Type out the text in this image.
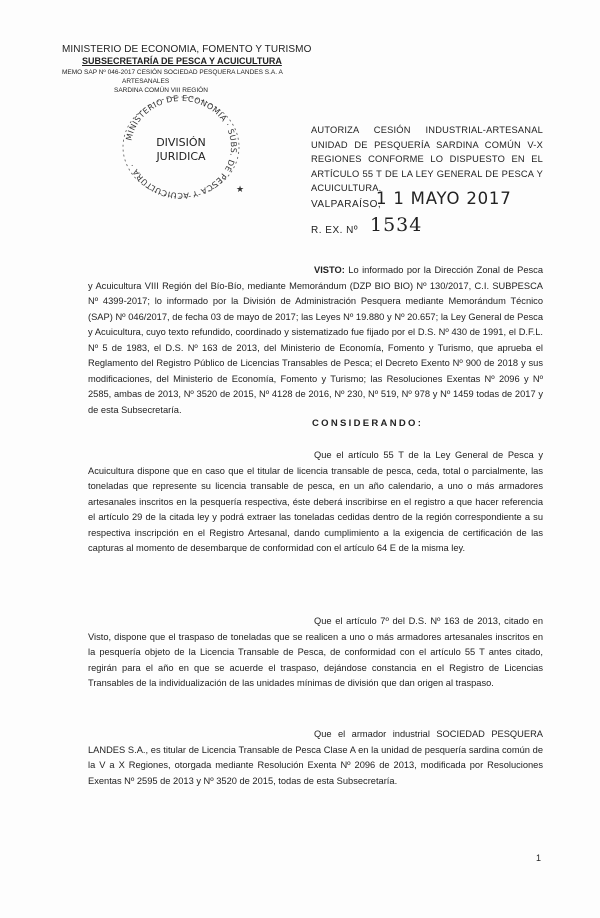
MINISTERIO DE ECONOMIA, FOMENTO Y TURISMO
SUBSECRETARÍA DE PESCA Y ACUICULTURA
MEMO SAP Nº 046-2017 CESIÓN SOCIEDAD PESQUERA LANDES S.A. A
ARTESANALES
SARDINA COMÚN VIII REGIÓN
MINISTERIO DE ECONOMIA · SUBS. DE PESCA Y ACUICULTURA ·
DIVISIÓN
JURIDICA
★
AUTORIZA CESIÓN INDUSTRIAL-ARTESANAL UNIDAD DE PESQUERÍA SARDINA COMÚN V-X REGIONES CONFORME LO DISPUESTO EN EL ARTÍCULO 55 T DE LA LEY GENERAL DE PESCA Y ACUICULTURA.
VALPARAÍSO,
1 1 MAYO 2017
R. EX. Nº 1534
VISTO: Lo informado por la Dirección Zonal de Pesca y Acuicultura VIII Región del Bío-Bío, mediante Memorándum (DZP BIO BIO) Nº 130/2017, C.I. SUBPESCA Nº 4399-2017; lo informado por la División de Administración Pesquera mediante Memorándum Técnico (SAP) Nº 046/2017, de fecha 03 de mayo de 2017; las Leyes Nº 19.880 y Nº 20.657; la Ley General de Pesca y Acuicultura, cuyo texto refundido, coordinado y sistematizado fue fijado por el D.S. Nº 430 de 1991, el D.F.L. Nº 5 de 1983, el D.S. Nº 163 de 2013, del Ministerio de Economía, Fomento y Turismo, que aprueba el Reglamento del Registro Público de Licencias Transables de Pesca; el Decreto Exento Nº 900 de 2018 y sus modificaciones, del Ministerio de Economía, Fomento y Turismo; las Resoluciones Exentas Nº 2096 y Nº 2585, ambas de 2013, Nº 3520 de 2015, Nº 4128 de 2016, Nº 230, Nº 519, Nº 978 y Nº 1459 todas de 2017 y de esta Subsecretaría.
CONSIDERANDO:
Que el artículo 55 T de la Ley General de Pesca y Acuicultura dispone que en caso que el titular de licencia transable de pesca, ceda, total o parcialmente, las toneladas que represente su licencia transable de pesca, en un año calendario, a uno o más armadores artesanales inscritos en la pesquería respectiva, éste deberá inscribirse en el registro a que hacer referencia el artículo 29 de la citada ley y podrá extraer las toneladas cedidas dentro de la región correspondiente a su respectiva inscripción en el Registro Artesanal, dando cumplimiento a la exigencia de certificación de las capturas al momento de desembarque de conformidad con el artículo 64 E de la misma ley.
Que el artículo 7º del D.S. Nº 163 de 2013, citado en Visto, dispone que el traspaso de toneladas que se realicen a uno o más armadores artesanales inscritos en la pesquería objeto de la Licencia Transable de Pesca, de conformidad con el artículo 55 T antes citado, regirán para el año en que se acuerde el traspaso, dejándose constancia en el Registro de Licencias Transables de la individualización de las unidades mínimas de división que dan origen al traspaso.
Que el armador industrial SOCIEDAD PESQUERA LANDES S.A., es titular de Licencia Transable de Pesca Clase A en la unidad de pesquería sardina común de la V a X Regiones, otorgada mediante Resolución Exenta Nº 2096 de 2013, modificada por Resoluciones Exentas Nº 2595 de 2013 y Nº 3520 de 2015, todas de esta Subsecretaría.
1
